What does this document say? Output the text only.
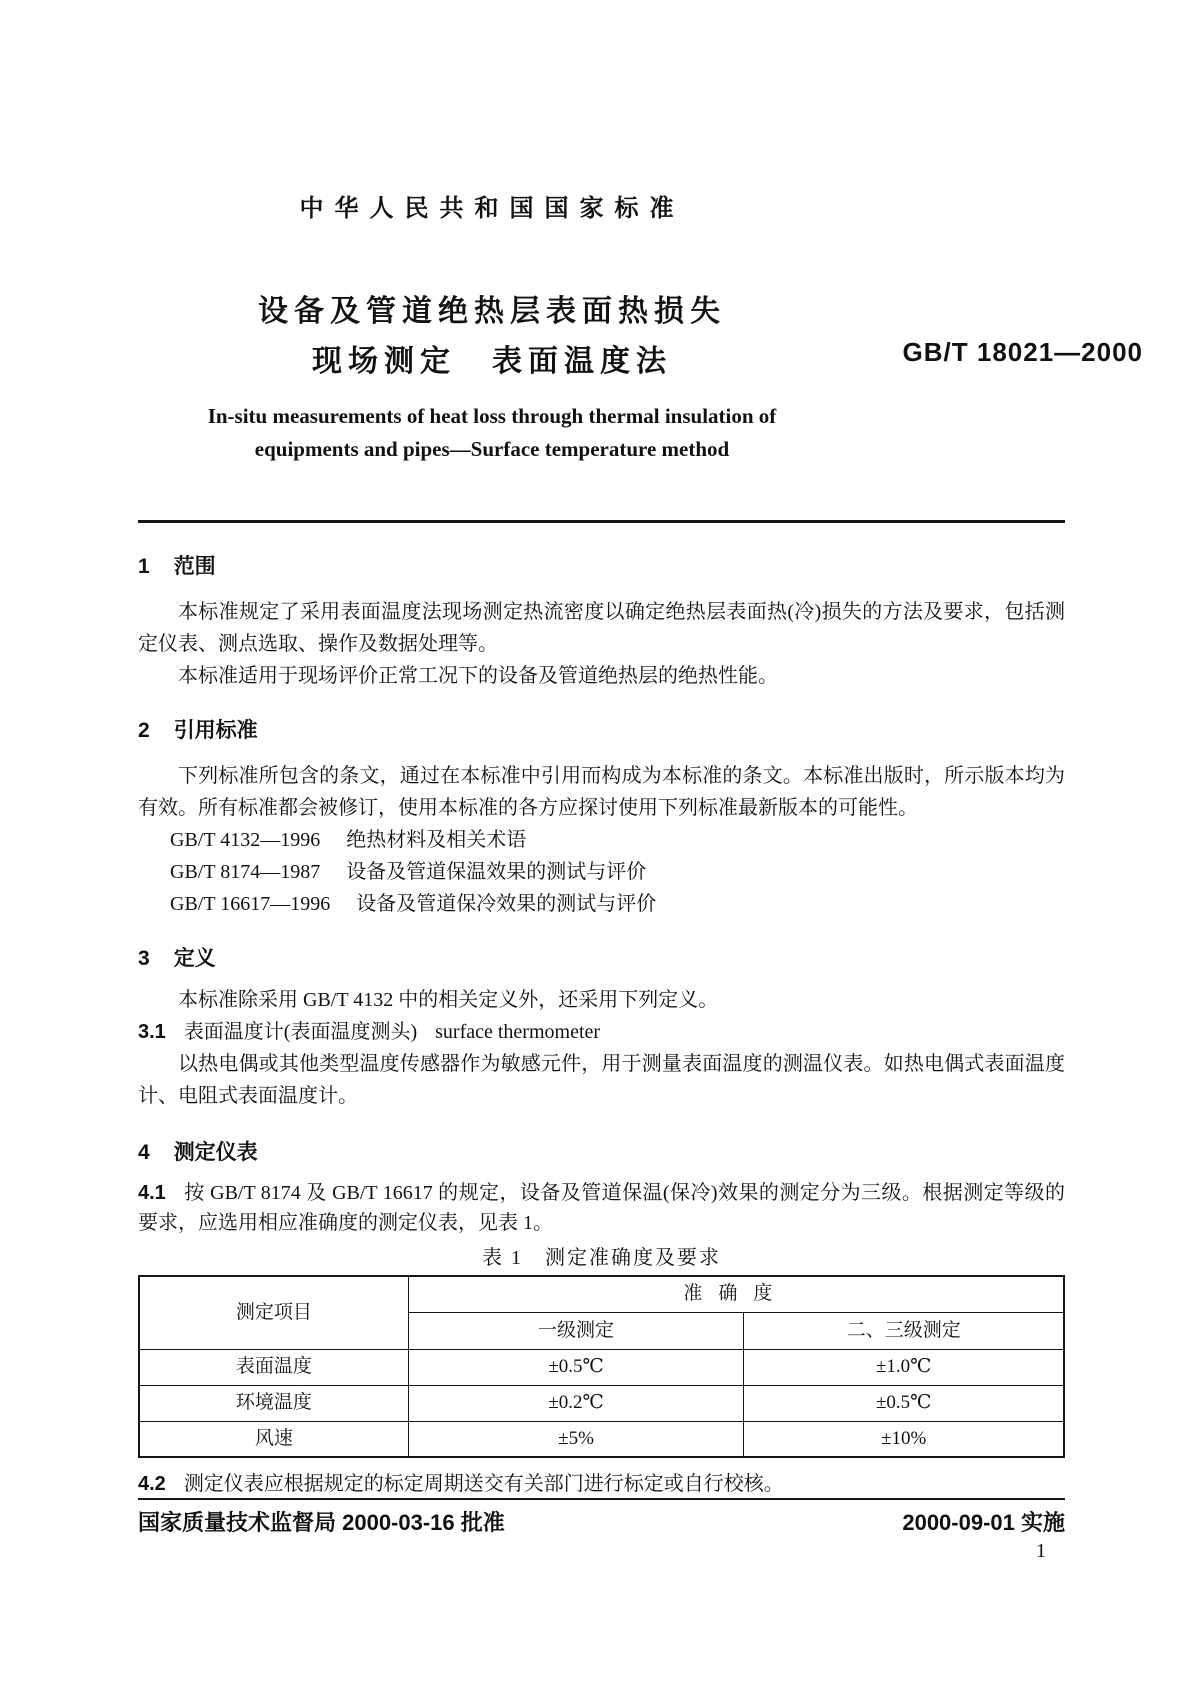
中华人民共和国国家标准
设备及管道绝热层表面热损失
现场测定　表面温度法
In-situ measurements of heat loss through thermal insulation of
equipments and pipes—Surface temperature method
GB/T 18021—2000
1 范围

本标准规定了采用表面温度法现场测定热流密度以确定绝热层表面热(冷)损失的方法及要求，包括测定仪表、测点选取、操作及数据处理等。

本标准适用于现场评价正常工况下的设备及管道绝热层的绝热性能。

2 引用标准

下列标准所包含的条文，通过在本标准中引用而构成为本标准的条文。本标准出版时，所示版本均为有效。所有标准都会被修订，使用本标准的各方应探讨使用下列标准最新版本的可能性。

GB/T 4132—1996 绝热材料及相关术语
GB/T 8174—1987 设备及管道保温效果的测试与评价
GB/T 16617—1996 设备及管道保冷效果的测试与评价
3 定义

本标准除采用 GB/T 4132 中的相关定义外，还采用下列定义。

3.1 表面温度计(表面温度测头) surface thermometer

以热电偶或其他类型温度传感器作为敏感元件，用于测量表面温度的测温仪表。如热电偶式表面温度计、电阻式表面温度计。

4 测定仪表

4.1 按 GB/T 8174 及 GB/T 16617 的规定，设备及管道保温(保冷)效果的测定分为三级。根据测定等级的要求，应选用相应准确度的测定仪表，见表 1。

表 1　测定准确度及要求
测定项目	准确度	
	一级测定	二、三级测定
表面温度	±0.5℃	±1.0℃
环境温度	±0.2℃	±0.5℃
风速	±5%	±10%

4.2 测定仪表应根据规定的标定周期送交有关部门进行标定或自行校核。

国家质量技术监督局 2000-03-16 批准	2000-09-01 实施
1
